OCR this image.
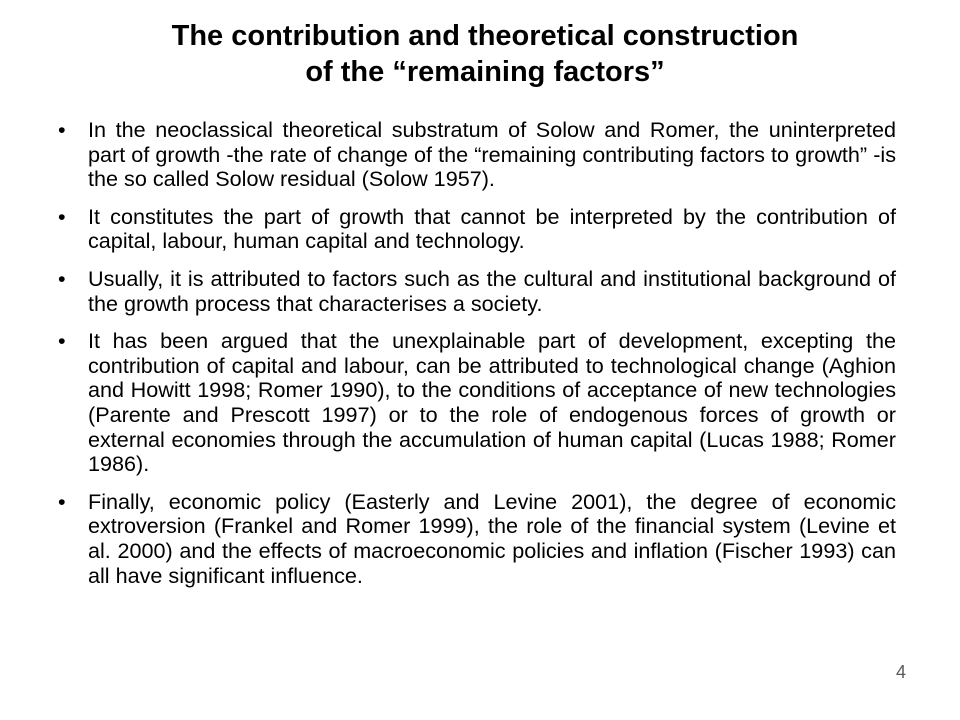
The contribution and theoretical construction
of the “remaining factors”
• In the neoclassical theoretical substratum of Solow and Romer, the uninterpreted part of growth -the rate of change of the “remaining contributing factors to growth” -is the so called Solow residual (Solow 1957).
• It constitutes the part of growth that cannot be interpreted by the contribution of capital, labour, human capital and technology.
• Usually, it is attributed to factors such as the cultural and institutional background of the growth process that characterises a society.
• It has been argued that the unexplainable part of development, excepting the contribution of capital and labour, can be attributed to technological change (Aghion and Howitt 1998; Romer 1990), to the conditions of acceptance of new technologies (Parente and Prescott 1997) or to the role of endogenous forces of growth or external economies through the accumulation of human capital (Lucas 1988; Romer 1986).
• Finally, economic policy (Easterly and Levine 2001), the degree of economic extroversion (Frankel and Romer 1999), the role of the financial system (Levine et al. 2000) and the effects of macroeconomic policies and inflation (Fischer 1993) can all have significant influence.
4
